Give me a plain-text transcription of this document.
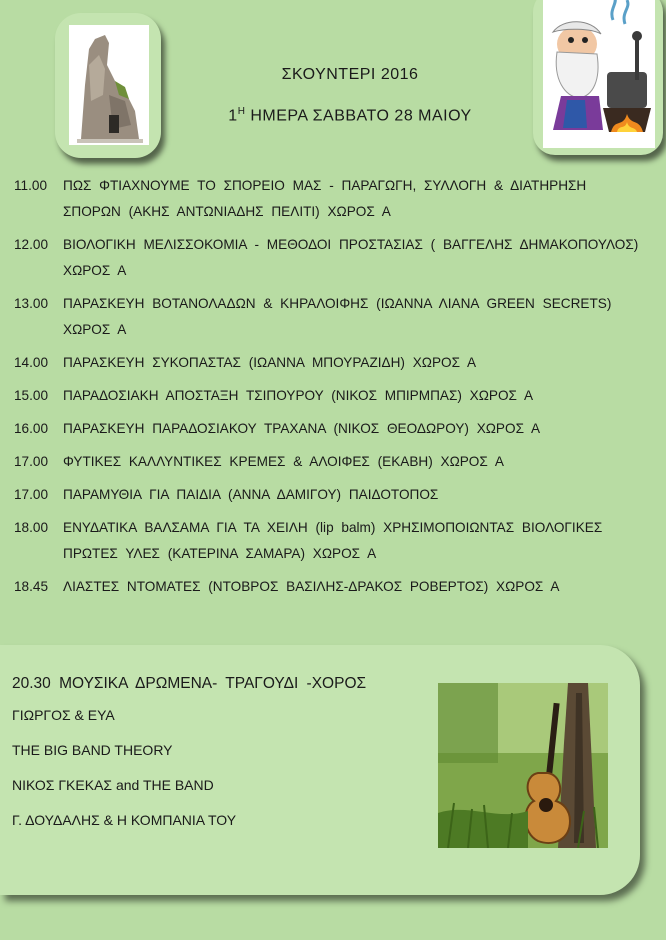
ΣΚΟΥΝΤΕΡΙ 2016
$1^H$ ΗΜΕΡΑ ΣΑΒΒΑΤΟ 28 ΜΑΙΟΥ
11.00	ΠΩΣ ΦΤΙΑΧΝΟΥΜΕ ΤΟ ΣΠΟΡΕΙΟ ΜΑΣ - ΠΑΡΑΓΩΓΗ, ΣΥΛΛΟΓΗ & ΔΙΑΤΗΡΗΣΗ ΣΠΟΡΩΝ (ΑΚΗΣ ΑΝΤΩΝΙΑΔΗΣ ΠΕΛΙΤΙ) ΧΩΡΟΣ Α
12.00	ΒΙΟΛΟΓΙΚΗ ΜΕΛΙΣΣΟΚΟΜΙΑ - ΜΕΘΟΔΟΙ ΠΡΟΣΤΑΣΙΑΣ ( ΒΑΓΓΕΛΗΣ ΔΗΜΑΚΟΠΟΥΛΟΣ) ΧΩΡΟΣ Α
13.00	ΠΑΡΑΣΚΕΥΗ ΒΟΤΑΝΟΛΑΔΩΝ & ΚΗΡΑΛΟΙΦΗΣ (ΙΩΑΝΝΑ ΛΙΑΝΑ GREEN SECRETS) ΧΩΡΟΣ Α
14.00	ΠΑΡΑΣΚΕΥΗ ΣΥΚΟΠΑΣΤΑΣ (ΙΩΑΝΝΑ ΜΠΟΥΡΑΖΙΔΗ) ΧΩΡΟΣ Α
15.00	ΠΑΡΑΔΟΣΙΑΚΗ ΑΠΟΣΤΑΞΗ ΤΣΙΠΟΥΡΟΥ (ΝΙΚΟΣ ΜΠΙΡΜΠΑΣ) ΧΩΡΟΣ Α
16.00	ΠΑΡΑΣΚΕΥΗ ΠΑΡΑΔΟΣΙΑΚΟΥ ΤΡΑΧΑΝΑ (ΝΙΚΟΣ ΘΕΟΔΩΡΟΥ) ΧΩΡΟΣ Α
17.00	ΦΥΤΙΚΕΣ ΚΑΛΛΥΝΤΙΚΕΣ ΚΡΕΜΕΣ & ΑΛΟΙΦΕΣ (ΕΚΑΒΗ) ΧΩΡΟΣ Α
17.00	ΠΑΡΑΜΥΘΙΑ ΓΙΑ ΠΑΙΔΙΑ (ΑΝΝΑ ΔΑΜΙΓΟΥ) ΠΑΙΔΟΤΟΠΟΣ
18.00	ΕΝΥΔΑΤΙΚΑ ΒΑΛΣΑΜΑ ΓΙΑ ΤΑ ΧΕΙΛΗ (lip balm) ΧΡΗΣΙΜΟΠΟΙΩΝΤΑΣ ΒΙΟΛΟΓΙΚΕΣ ΠΡΩΤΕΣ ΥΛΕΣ (ΚΑΤΕΡΙΝΑ ΣΑΜΑΡΑ) ΧΩΡΟΣ Α
18.45	ΛΙΑΣΤΕΣ ΝΤΟΜΑΤΕΣ (ΝΤΟΒΡΟΣ ΒΑΣΙΛΗΣ-ΔΡΑΚΟΣ ΡΟΒΕΡΤΟΣ) ΧΩΡΟΣ Α
20.30 ΜΟΥΣΙΚΑ ΔΡΩΜΕΝΑ- ΤΡΑΓΟΥΔΙ -ΧΟΡΟΣ
ΓΙΩΡΓΟΣ & ΕΥΑ
THE BIG BAND THEORY
ΝΙΚΟΣ ΓΚΕΚΑΣ and THE BAND
Γ. ΔΟΥΔΑΛΗΣ & Η ΚΟΜΠΑΝΙΑ ΤΟΥ
